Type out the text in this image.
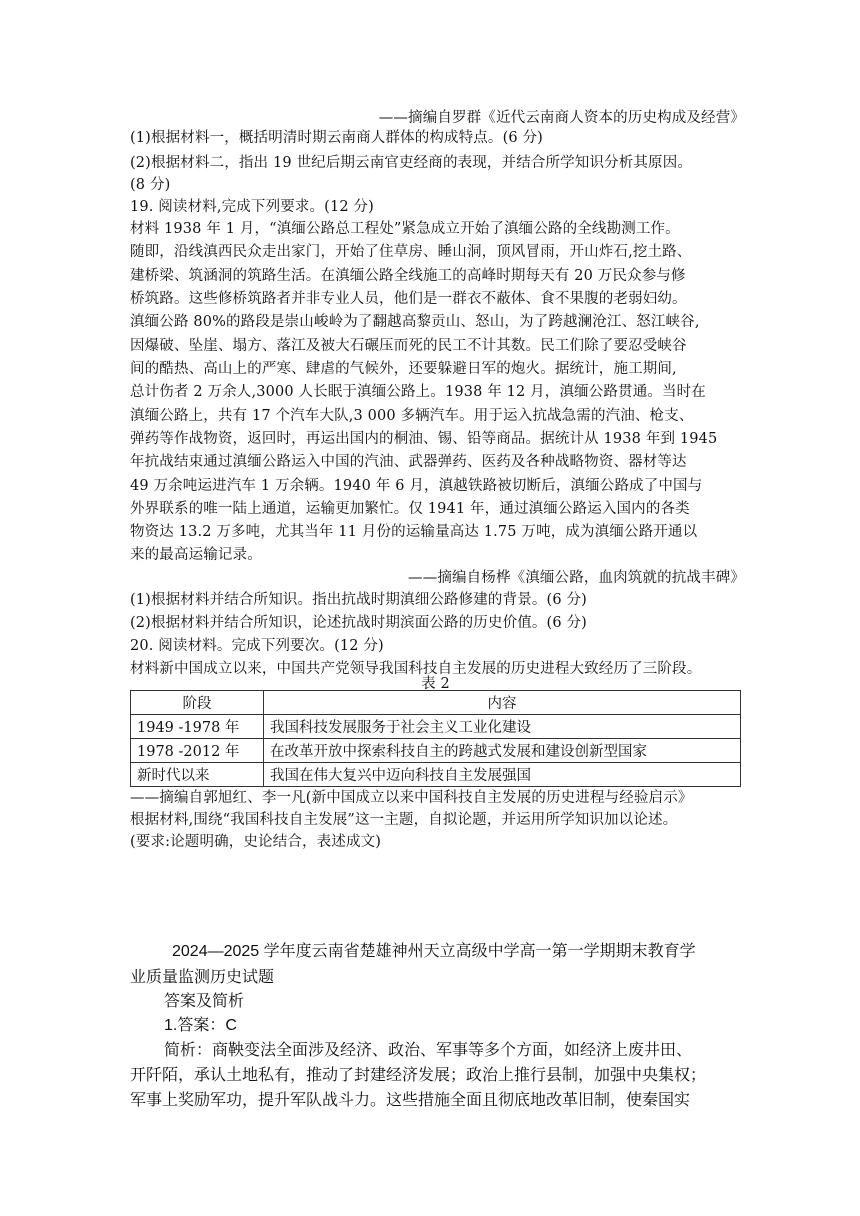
——摘编自罗群《近代云南商人资本的历史构成及经营》
(1)根据材料一，概括明清时期云南商人群体的构成特点。(6 分)
(2)根据材料二，指出 19 世纪后期云南官吏经商的表现，并结合所学知识分析其原因。
(8 分)
19. 阅读材料,完成下列要求。(12 分)
材料 1938 年 1 月，“滇缅公路总工程处”紧急成立开始了滇缅公路的全线勘测工作。
随即，沿线滇西民众走出家门，开始了住草房、睡山洞，顶风冒雨，开山炸石,挖土路、
建桥梁、筑涵洞的筑路生活。在滇缅公路全线施工的高峰时期每天有 20 万民众参与修
桥筑路。这些修桥筑路者并非专业人员，他们是一群衣不蔽体、食不果腹的老弱妇幼。
滇缅公路 80%的路段是崇山峻岭为了翻越高黎贡山、怒山，为了跨越澜沧江、怒江峡谷,
因爆破、坠崖、塌方、落江及被大石碾压而死的民工不计其数。民工们除了要忍受峡谷
间的酷热、高山上的严寒、肆虐的气候外，还要躲避日军的炮火。据统计，施工期间,
总计伤者 2 万余人,3000 人长眠于滇缅公路上。1938 年 12 月，滇缅公路贯通。当时在
滇缅公路上，共有 17 个汽车大队,3 000 多辆汽车。用于运入抗战急需的汽油、枪支、
弹药等作战物资，返回时，再运出国内的桐油、锡、铅等商品。据统计从 1938 年到 1945
年抗战结束通过滇缅公路运入中国的汽油、武器弹药、医药及各种战略物资、器材等达
49 万余吨运进汽车 1 万余辆。1940 年 6 月，滇越铁路被切断后，滇缅公路成了中国与
外界联系的唯一陆上通道，运输更加繁忙。仅 1941 年，通过滇缅公路运入国内的各类
物资达 13.2 万多吨，尤其当年 11 月份的运输量高达 1.75 万吨，成为滇缅公路开通以
来的最高运输记录。
——摘编自杨桦《滇缅公路，血肉筑就的抗战丰碑》
(1)根据材料并结合所知识。指出抗战时期滇细公路修建的背景。(6 分)
(2)根据材料并结合所知识，论述抗战时期滨面公路的历史价值。(6 分)
20. 阅读材料。完成下列要次。(12 分)
材料新中国成立以来，中国共产党领导我国科技自主发展的历史进程大致经历了三阶段。
表 2
阶段	内容
1949 -1978 年	我国科技发展服务于社会主义工业化建设
1978 -2012 年	在改革开放中探索科技自主的跨越式发展和建设创新型国家
新时代以来	我国在伟大复兴中迈向科技自主发展强国
——摘编自郭旭红、李一凡(新中国成立以来中国科技自主发展的历史进程与经验启示》
根据材料,围绕“我国科技自主发展”这一主题，自拟论题，并运用所学知识加以论述。
(要求:论题明确，史论结合，表述成文)
2024—2025 学年度云南省楚雄神州天立高级中学高一第一学期期末教育学
业质量监测历史试题
答案及简析
1.答案：C
简析：商鞅变法全面涉及经济、政治、军事等多个方面，如经济上废井田、
开阡陌，承认土地私有，推动了封建经济发展；政治上推行县制，加强中央集权；
军事上奖励军功，提升军队战斗力。这些措施全面且彻底地改革旧制，使秦国实
